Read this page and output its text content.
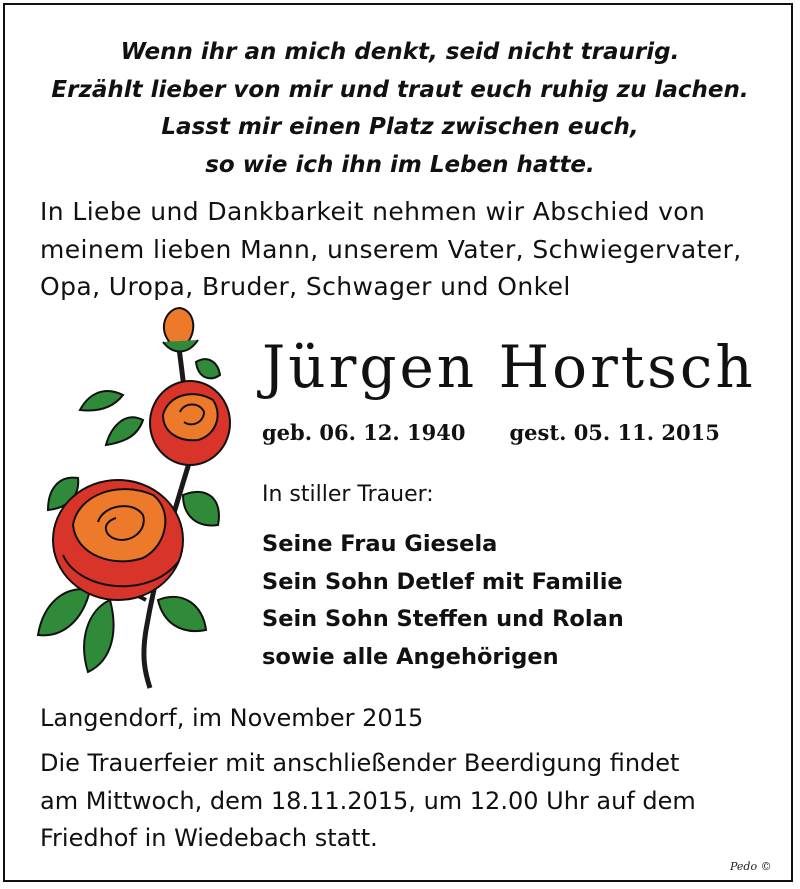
Wenn ihr an mich denkt, seid nicht traurig.
Erzählt lieber von mir und traut euch ruhig zu lachen.
Lasst mir einen Platz zwischen euch,
so wie ich ihn im Leben hatte.
In Liebe und Dankbarkeit nehmen wir Abschied von
meinem lieben Mann, unserem Vater, Schwiegervater,
Opa, Uropa, Bruder, Schwager und Onkel
Jürgen Hortsch
geb. 06. 12. 1940 gest. 05. 11. 2015
In stiller Trauer:
Seine Frau Giesela
Sein Sohn Detlef mit Familie
Sein Sohn Steffen und Rolan
sowie alle Angehörigen
Langendorf, im November 2015
Die Trauerfeier mit anschließender Beerdigung findet
am Mittwoch, dem 18.11.2015, um 12.00 Uhr auf dem
Friedhof in Wiedebach statt.
Pedo ©
